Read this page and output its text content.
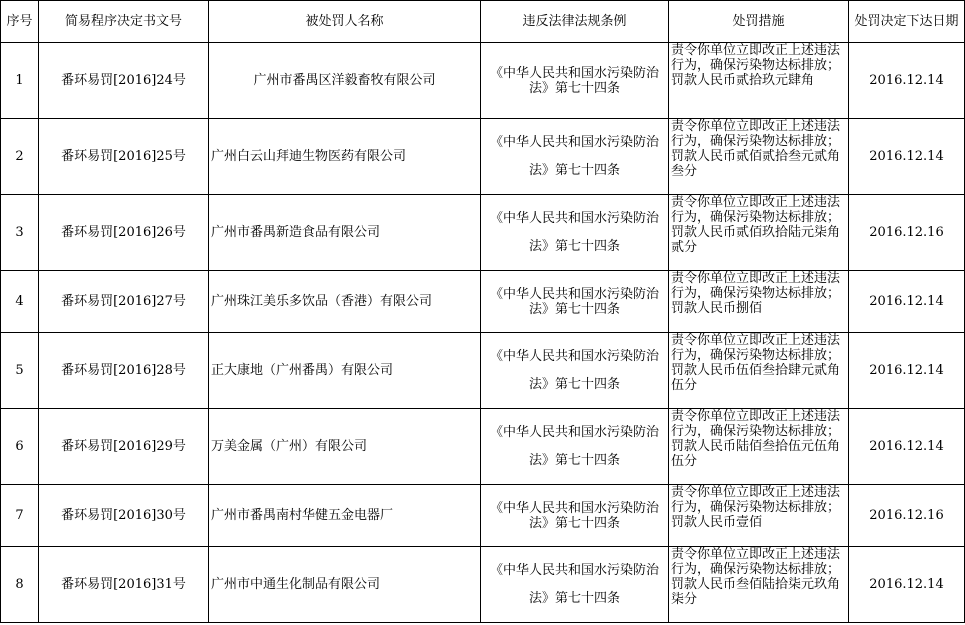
序号	简易程序决定书文号	被处罚人名称	违反法律法规条例	处罚措施	处罚决定下达日期
1	番环易罚[2016]24号	广州市番禺区洋毅畜牧有限公司	《中华人民共和国水污染防治法》第七十四条	责令你单位立即改正上述违法行为，确保污染物达标排放；罚款人民币贰拾玖元肆角	2016.12.14
2	番环易罚[2016]25号	广州白云山拜迪生物医药有限公司	《中华人民共和国水污染防治法》第七十四条	责令你单位立即改正上述违法行为，确保污染物达标排放；罚款人民币贰佰贰拾叁元贰角叁分	2016.12.14
3	番环易罚[2016]26号	广州市番禺新造食品有限公司	《中华人民共和国水污染防治法》第七十四条	责令你单位立即改正上述违法行为，确保污染物达标排放；罚款人民币贰佰玖拾陆元柒角贰分	2016.12.16
4	番环易罚[2016]27号	广州珠江美乐多饮品（香港）有限公司	《中华人民共和国水污染防治法》第七十四条	责令你单位立即改正上述违法行为，确保污染物达标排放；罚款人民币捌佰	2016.12.14
5	番环易罚[2016]28号	正大康地（广州番禺）有限公司	《中华人民共和国水污染防治法》第七十四条	责令你单位立即改正上述违法行为，确保污染物达标排放；罚款人民币伍佰叁拾肆元贰角伍分	2016.12.14
6	番环易罚[2016]29号	万美金属（广州）有限公司	《中华人民共和国水污染防治法》第七十四条	责令你单位立即改正上述违法行为，确保污染物达标排放；罚款人民币陆佰叁拾伍元伍角伍分	2016.12.14
7	番环易罚[2016]30号	广州市番禺南村华健五金电器厂	《中华人民共和国水污染防治法》第七十四条	责令你单位立即改正上述违法行为，确保污染物达标排放；罚款人民币壹佰	2016.12.16
8	番环易罚[2016]31号	广州市中通生化制品有限公司	《中华人民共和国水污染防治法》第七十四条	责令你单位立即改正上述违法行为，确保污染物达标排放；罚款人民币叁佰陆拾柒元玖角柒分	2016.12.14
